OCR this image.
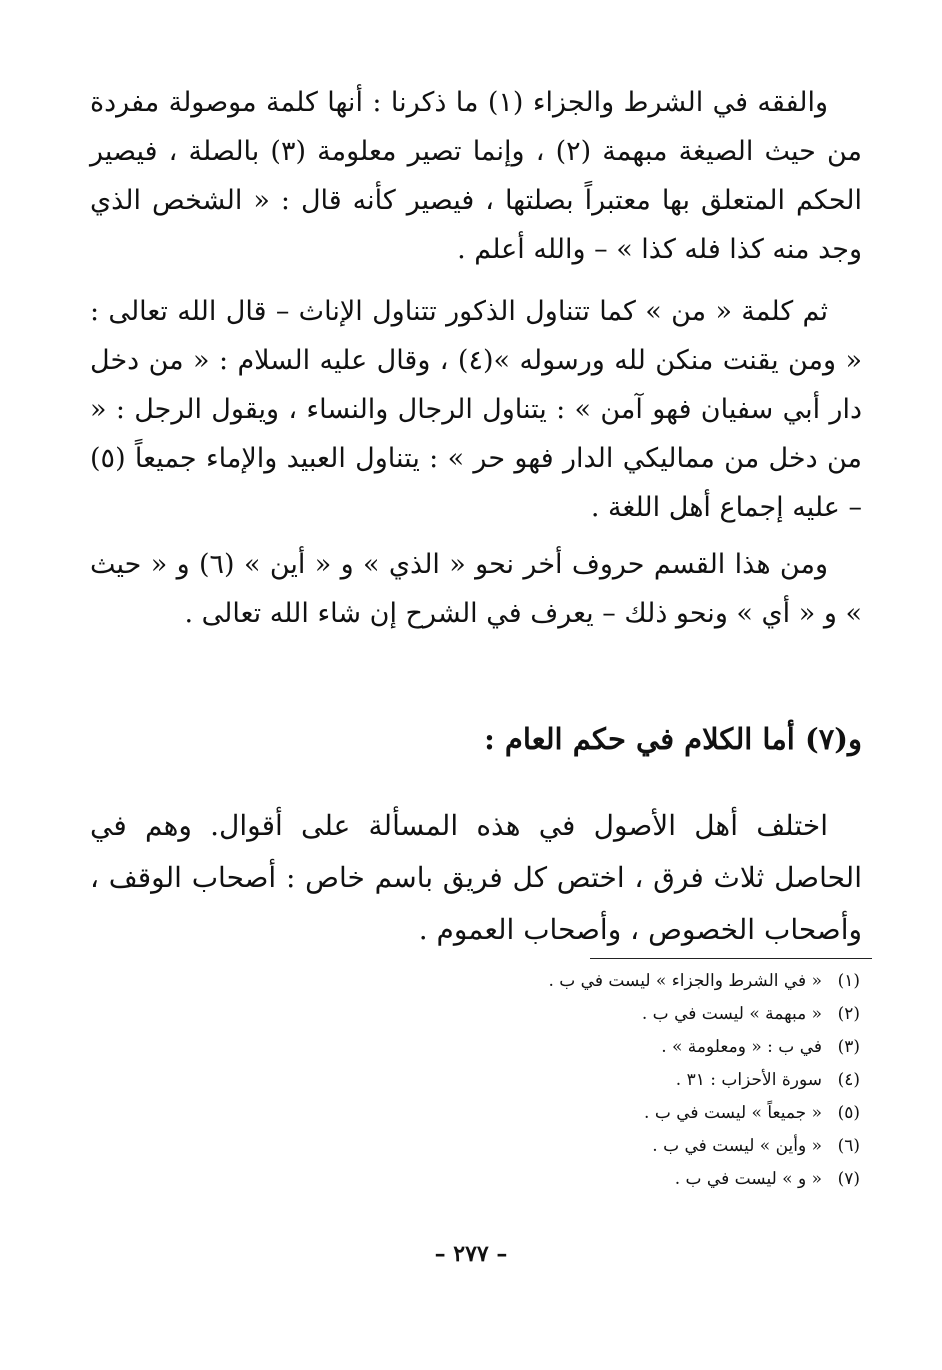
والفقه في الشرط والجزاء (١) ما ذكرنا : أنها كلمة موصولة مفردة من حيث الصيغة مبهمة (٢) ، وإنما تصير معلومة (٣) بالصلة ، فيصير الحكم المتعلق بها معتبراً بصلتها ، فيصير كأنه قال : « الشخص الذي وجد منه كذا فله كذا » – والله أعلم .

ثم كلمة « من » كما تتناول الذكور تتناول الإناث – قال الله تعالى : « ومن يقنت منكن لله ورسوله »(٤) ، وقال عليه السلام : « من دخل دار أبي سفيان فهو آمن » : يتناول الرجال والنساء ، ويقول الرجل : « من دخل من مماليكي الدار فهو حر » : يتناول العبيد والإماء جميعاً (٥) – عليه إجماع أهل اللغة .

ومن هذا القسم حروف أخر نحو « الذي » و « أين » (٦) و « حيث » و « أي » ونحو ذلك – يعرف في الشرح إن شاء الله تعالى .

و(٧) أما الكلام في حكم العام :

اختلف أهل الأصول في هذه المسألة على أقوال. وهم في الحاصل ثلاث فرق ، اختص كل فريق باسم خاص : أصحاب الوقف ، وأصحاب الخصوص ، وأصحاب العموم .

(١)
« في الشرط والجزاء » ليست في ب .
(٢)
« مبهمة » ليست في ب .
(٣)
في ب : « ومعلومة » .
(٤)
سورة الأحزاب : ٣١ .
(٥)
« جميعاً » ليست في ب .
(٦)
« وأين » ليست في ب .
(٧)
« و » ليست في ب .
– ٢٧٧ –
